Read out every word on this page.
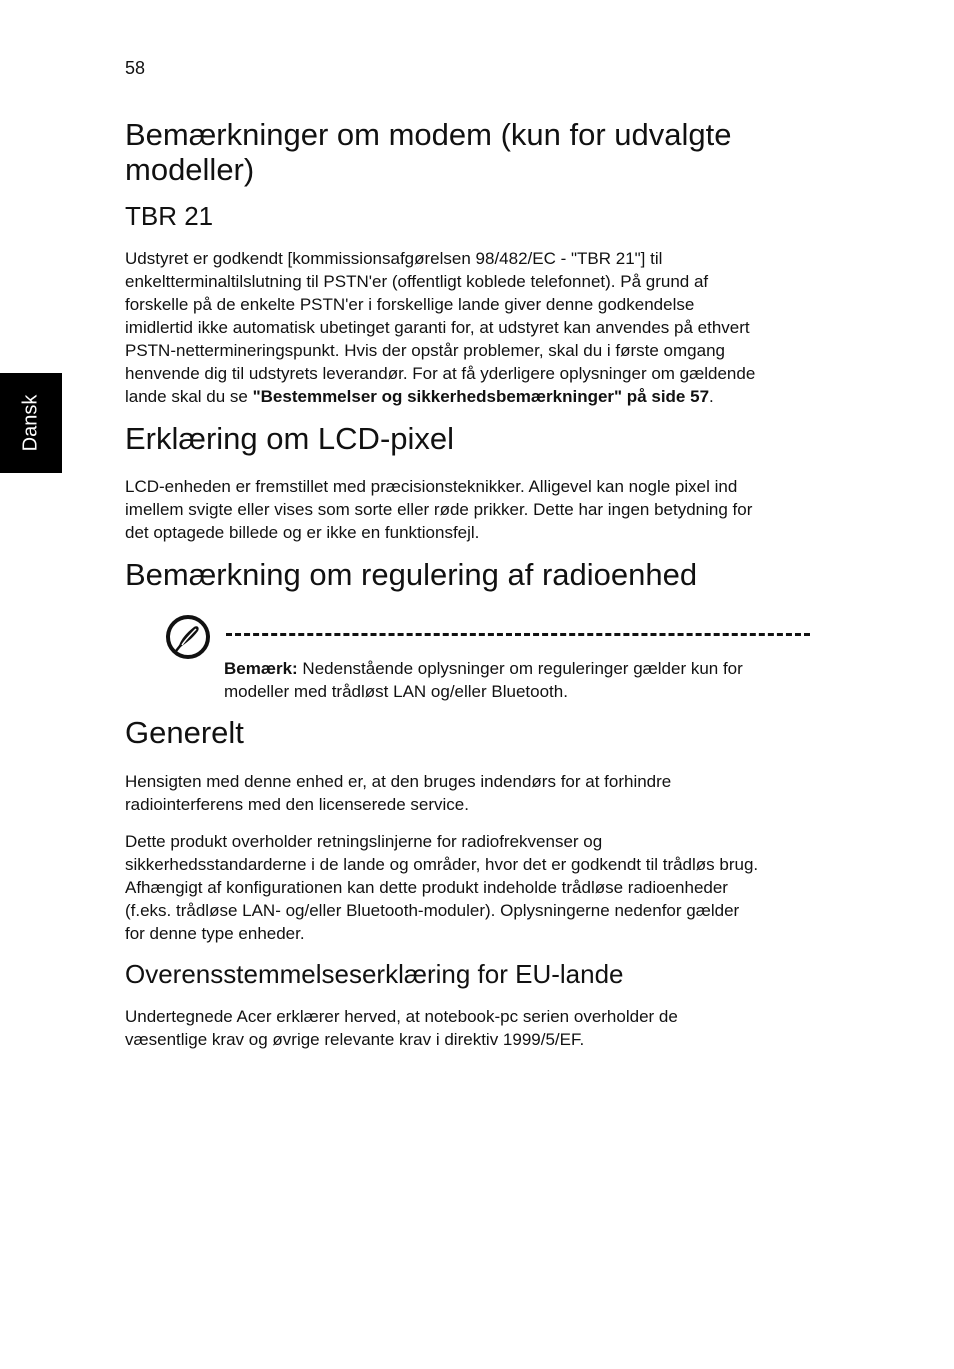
58
Dansk
Bemærkninger om modem (kun for udvalgte
modeller)
TBR 21

Udstyret er godkendt [kommissionsafgørelsen 98/482/EC - "TBR 21"] til

enkeltterminaltilslutning til PSTN'er (offentligt koblede telefonnet). På grund af

forskelle på de enkelte PSTN'er i forskellige lande giver denne godkendelse

imidlertid ikke automatisk ubetinget garanti for, at udstyret kan anvendes på ethvert

PSTN-nettermineringspunkt. Hvis der opstår problemer, skal du i første omgang

henvende dig til udstyrets leverandør. For at få yderligere oplysninger om gældende

lande skal du se "Bestemmelser og sikkerhedsbemærkninger" på side 57.

Erklæring om LCD-pixel

LCD-enheden er fremstillet med præcisionsteknikker. Alligevel kan nogle pixel ind

imellem svigte eller vises som sorte eller røde prikker. Dette har ingen betydning for

det optagede billede og er ikke en funktionsfejl.

Bemærkning om regulering af radioenhed

Bemærk: Nedenstående oplysninger om reguleringer gælder kun for
modeller med trådløst LAN og/eller Bluetooth.

Generelt

Hensigten med denne enhed er, at den bruges indendørs for at forhindre

radiointerferens med den licenserede service.

Dette produkt overholder retningslinjerne for radiofrekvenser og

sikkerhedsstandarderne i de lande og områder, hvor det er godkendt til trådløs brug.

Afhængigt af konfigurationen kan dette produkt indeholde trådløse radioenheder

(f.eks. trådløse LAN- og/eller Bluetooth-moduler). Oplysningerne nedenfor gælder

for denne type enheder.

Overensstemmelseserklæring for EU-lande

Undertegnede Acer erklærer herved, at notebook-pc serien overholder de

væsentlige krav og øvrige relevante krav i direktiv 1999/5/EF.
